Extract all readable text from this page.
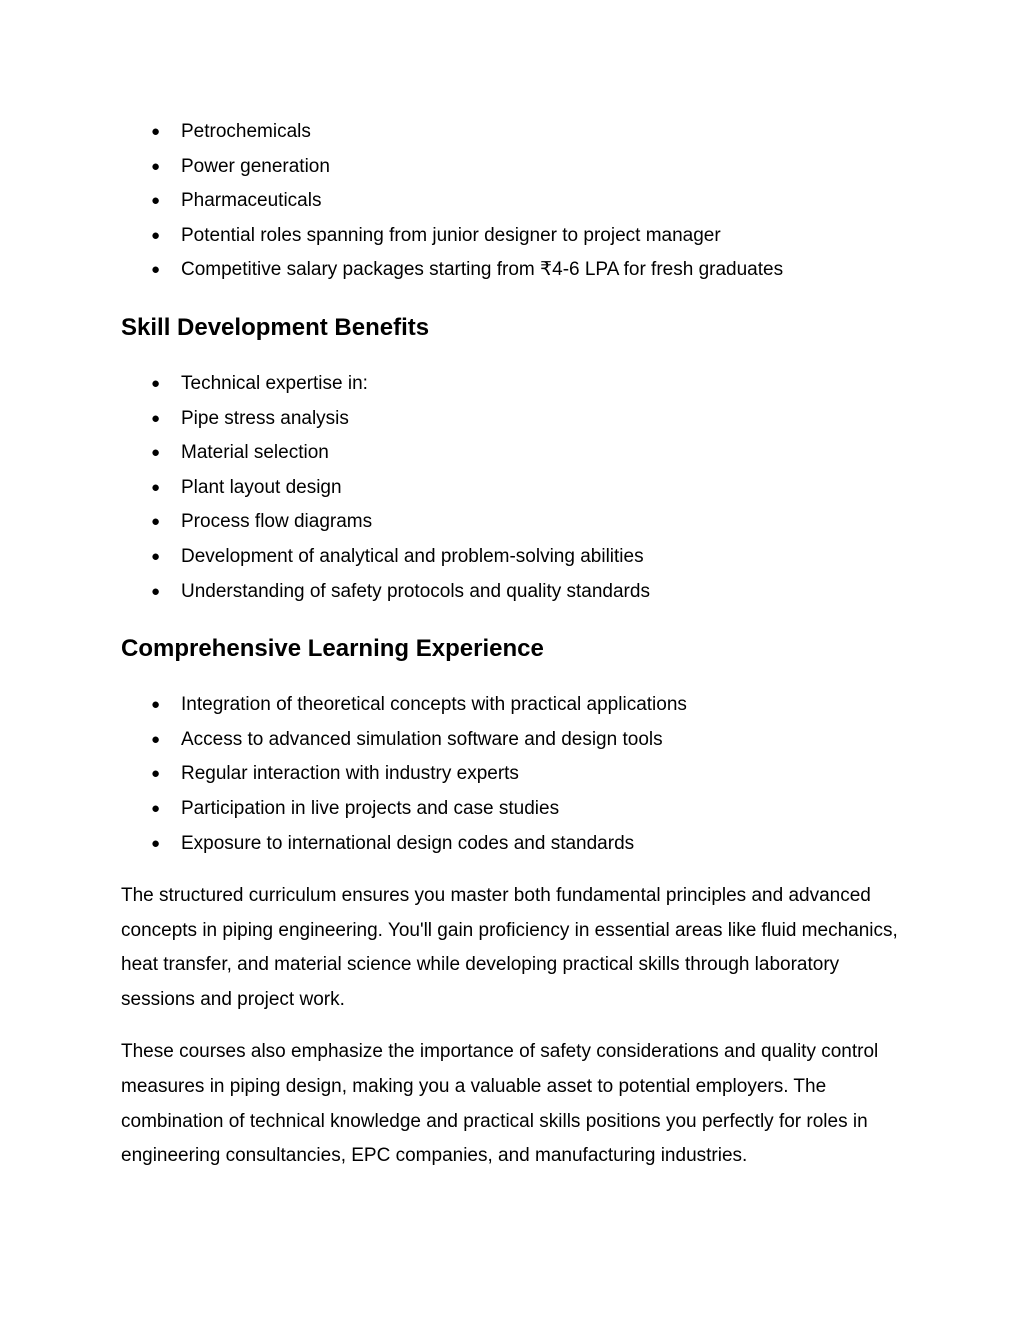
● Petrochemicals
● Power generation
● Pharmaceuticals
● Potential roles spanning from junior designer to project manager
● Competitive salary packages starting from ₹4-6 LPA for fresh graduates
Skill Development Benefits
● Technical expertise in:
● Pipe stress analysis
● Material selection
● Plant layout design
● Process flow diagrams
● Development of analytical and problem-solving abilities
● Understanding of safety protocols and quality standards
Comprehensive Learning Experience
● Integration of theoretical concepts with practical applications
● Access to advanced simulation software and design tools
● Regular interaction with industry experts
● Participation in live projects and case studies
● Exposure to international design codes and standards

The structured curriculum ensures you master both fundamental principles and advanced concepts in piping engineering. You'll gain proficiency in essential areas like fluid mechanics, heat transfer, and material science while developing practical skills through laboratory sessions and project work.

These courses also emphasize the importance of safety considerations and quality control measures in piping design, making you a valuable asset to potential employers. The combination of technical knowledge and practical skills positions you perfectly for roles in engineering consultancies, EPC companies, and manufacturing industries.
